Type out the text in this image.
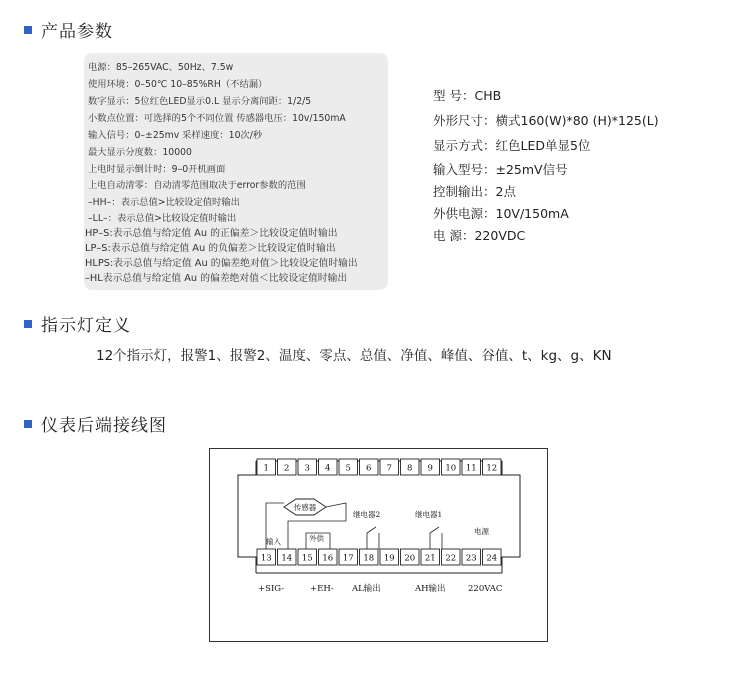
产品参数
电源：85–265VAC、50Hz、7.5w
使用环境：0–50℃ 10–85%RH（不结漏）
数字显示：5位红色LED显示0.L 显示分离间距：1/2/5
小数点位置：可选择的5个不同位置 传感器电压：10v/150mA
输入信号：0–±25mv 采样速度：10次/秒
最大显示分度数：10000
上电时显示倒计时：9–0开机画面
上电自动清零：自动清零范围取决于error参数的范围
–HH–：表示总值>比较设定值时输出
–LL–：表示总值>比较设定值时输出
HP–S:表示总值与给定值 Au 的正偏差＞比较设定值时输出
LP–S:表示总值与给定值 Au 的负偏差＞比较设定值时输出
HLPS:表示总值与给定值 Au 的偏差绝对值＞比较设定值时输出
–HL表示总值与给定值 Au 的偏差绝对值＜比较设定值时输出
型 号：CHB
外形尺寸：横式160(W)*80 (H)*125(L)
显示方式：红色LED单显5位
输入型号：±25mV信号
控制输出：2点
外供电源：10V/150mA
电 源：220VDC
指示灯定义
12个指示灯，报警1、报警2、温度、零点、总值、净值、峰值、谷值、t、kg、g、KN
仪表后端接线图
1 2 3 4 5 6 7 8 9 10 11 12
13 14 15 16 17 18 19 20 21 22 23 24
传感器
输入	外供
继电器2	继电器1
电源
+SIG-	+EH- AL输出	AH输出	220VAC
